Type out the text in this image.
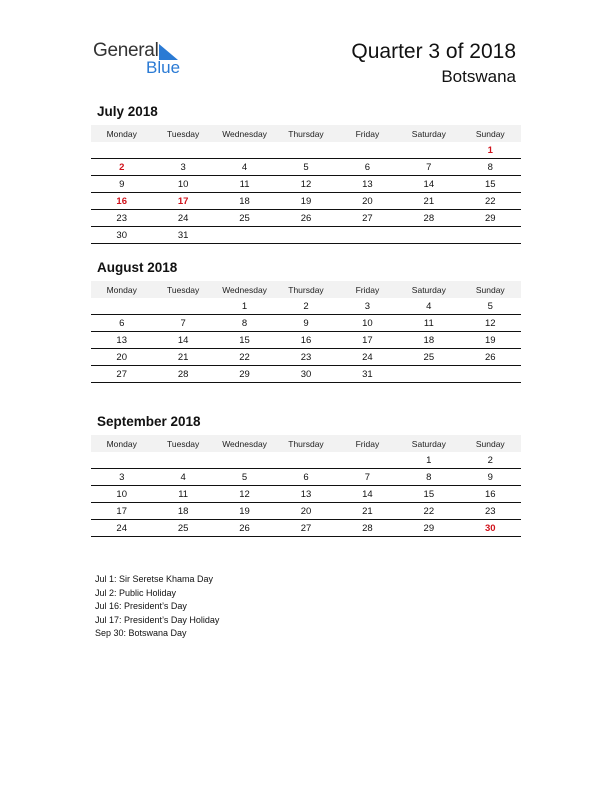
General
Blue
Quarter 3 of 2018
Botswana
July 2018
Monday	Tuesday	Wednesday	Thursday	Friday	Saturday	Sunday
						1
2	3	4	5	6	7	8
9	10	11	12	13	14	15
16	17	18	19	20	21	22
23	24	25	26	27	28	29
30	31					
August 2018
Monday	Tuesday	Wednesday	Thursday	Friday	Saturday	Sunday
		1	2	3	4	5
6	7	8	9	10	11	12
13	14	15	16	17	18	19
20	21	22	23	24	25	26
27	28	29	30	31		
September 2018
Monday	Tuesday	Wednesday	Thursday	Friday	Saturday	Sunday
					1	2
3	4	5	6	7	8	9
10	11	12	13	14	15	16
17	18	19	20	21	22	23
24	25	26	27	28	29	30
Jul 1: Sir Seretse Khama Day
Jul 2: Public Holiday
Jul 16: President’s Day
Jul 17: President’s Day Holiday
Sep 30: Botswana Day
